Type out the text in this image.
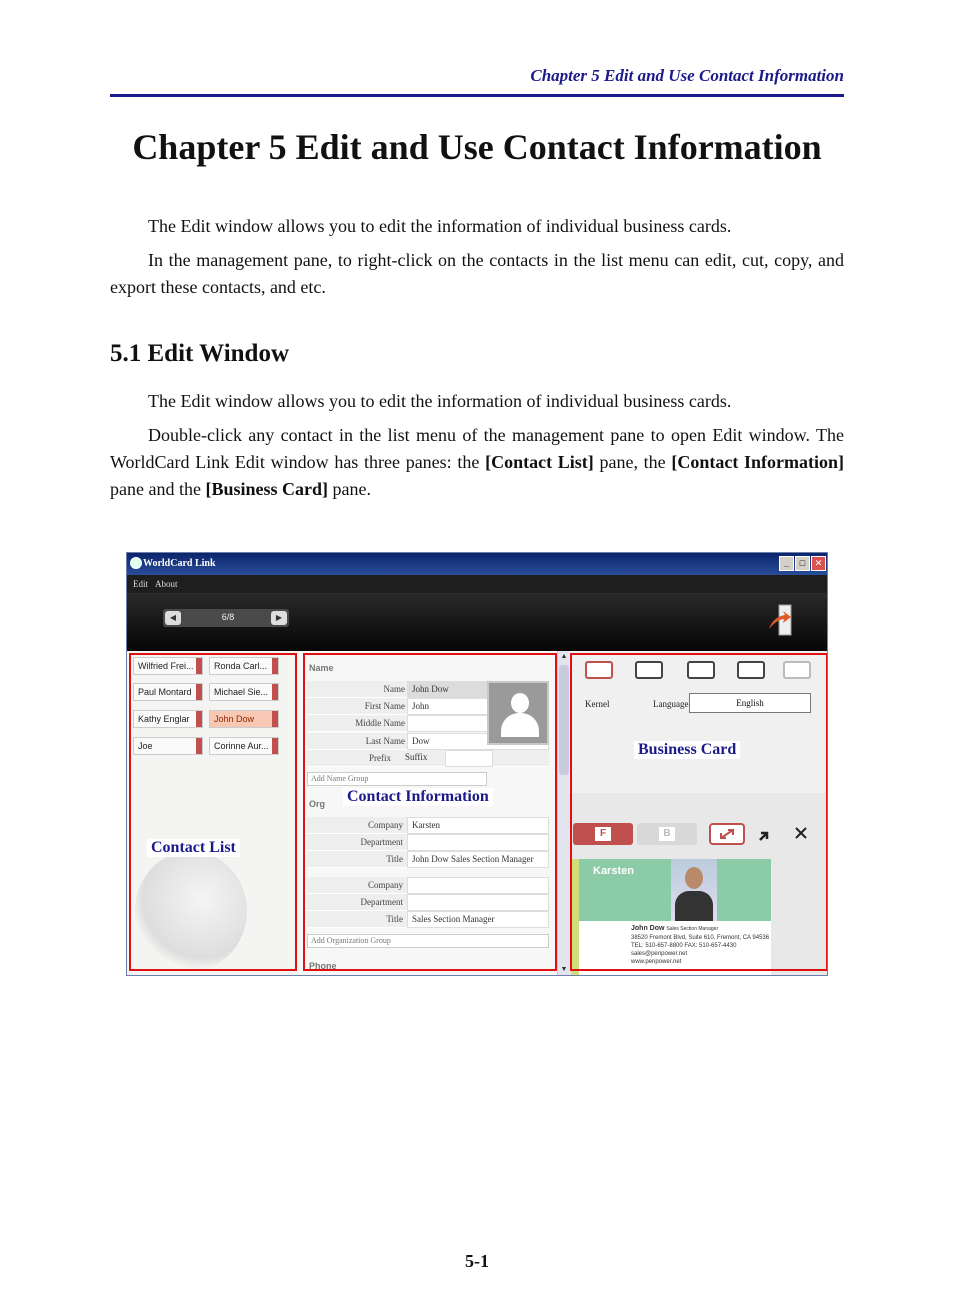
Chapter 5 Edit and Use Contact Information
Chapter 5 Edit and Use Contact Information

The Edit window allows you to edit the information of individual business cards.

In the management pane, to right-click on the contacts in the list menu can edit, cut, copy, and export these contacts, and etc.

5.1 Edit Window

The Edit window allows you to edit the information of individual business cards.

Double-click any contact in the list menu of the management pane to open Edit window. The WorldCard Link Edit window has three panes: the [Contact List] pane, the [Contact Information] pane and the [Business Card] pane.

WorldCard Link	_	□	✕
Edit About
◀	6/8	▶
Wilfried Frei...	Ronda Carl...
Paul Montard	Michael Sie...
Kathy Englar	John Dow
Joe	Corinne Aur...
Name
Name John Dow
First Name John
Middle Name
Last Name Dow
Prefix	Suffix
Add Name Group
Org
Company	Karsten
Department
Title	John Dow Sales Section Manager
Company
Department
Title	Sales Section Manager
Add Organization Group
Phone
▲
▼
Kernel	Language	English
F	B
Karsten
John Dow Sales Section Manager
38520 Fremont Blvd, Suite 610, Fremont, CA 94536
TEL: 510-657-8800 FAX: 510-657-4430
sales@penpower.net
www.penpower.net
Contact List
Contact Information
Business Card
5-1
